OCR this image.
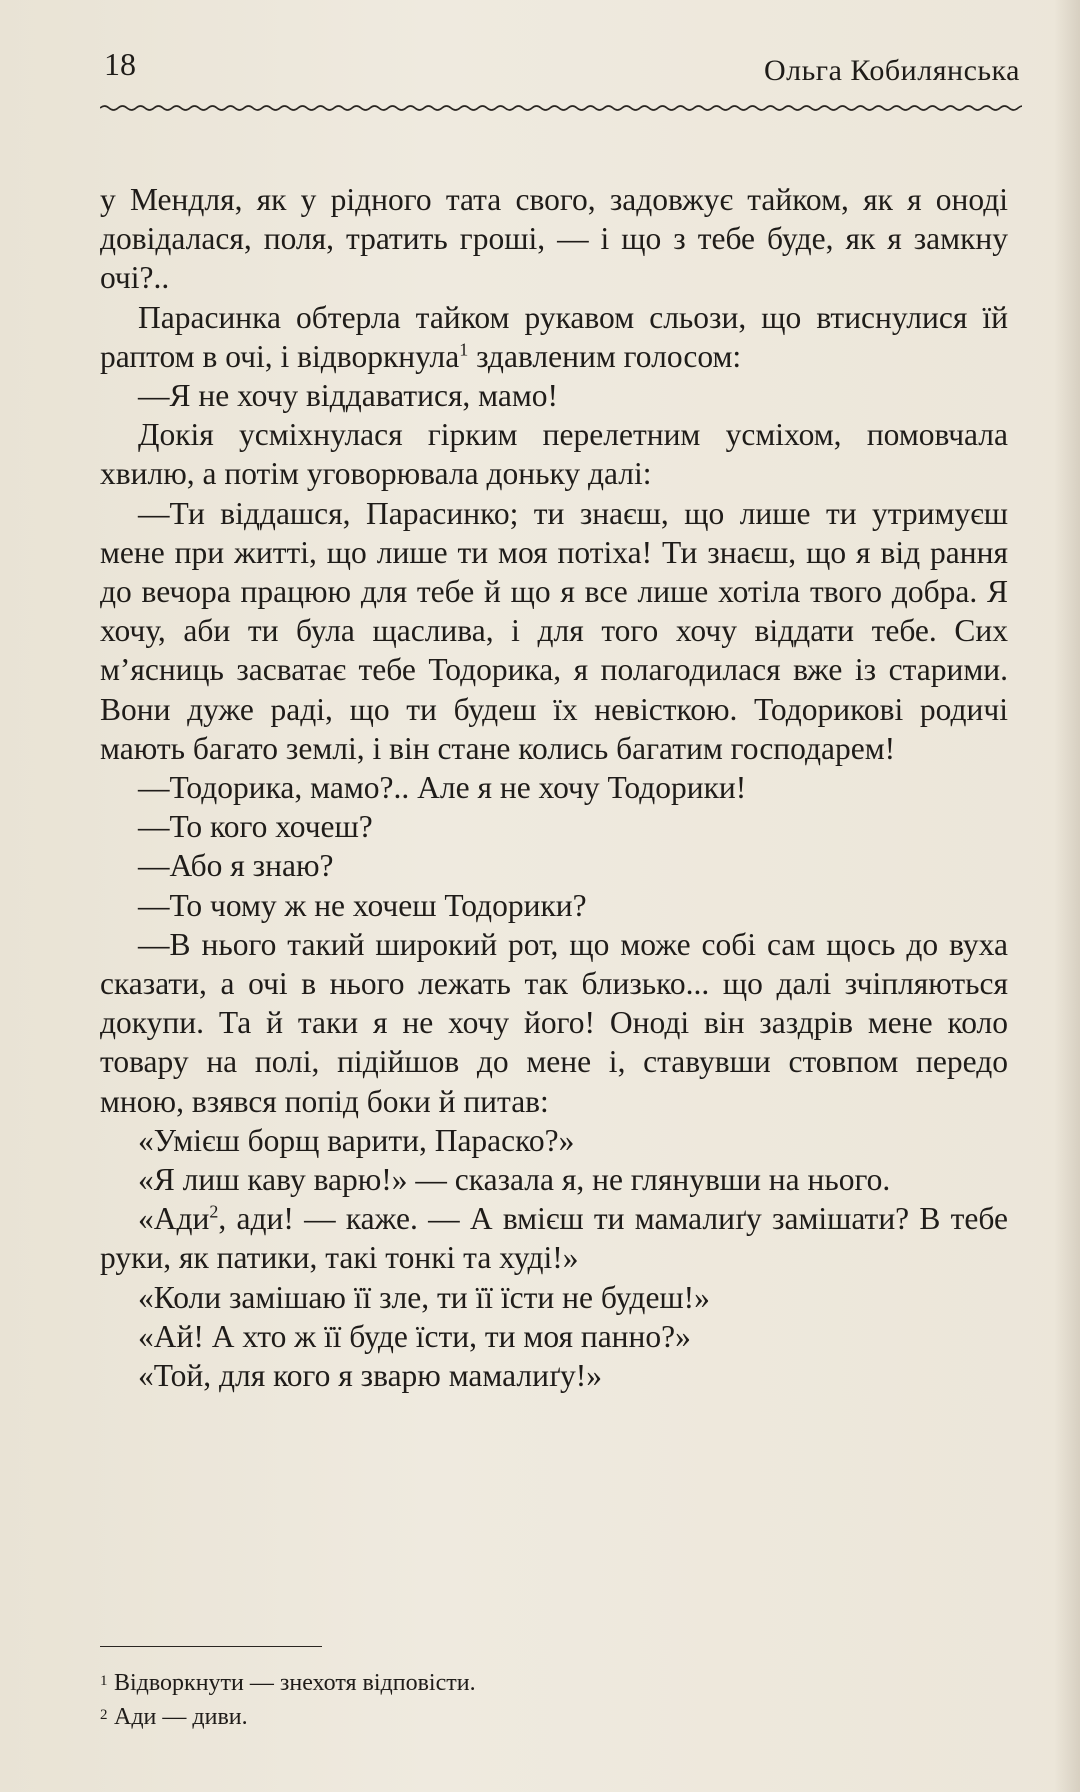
18	Ольга Кобилянська

у Мендля, як у рідного тата свого, задовжує тайком, як я оноді довідалася, поля, тратить гроші, — і що з тебе буде, як я замкну очі?..

Парасинка обтерла тайком рукавом сльози, що втиснулися їй раптом в очі, і відворкнула$^1$ здавленим голосом:

—Я не хочу віддаватися, мамо!

Докія усміхнулася гірким перелетним усміхом, помовчала хвилю, а потім уговорювала доньку далі:

—Ти віддашся, Парасинко; ти знаєш, що лише ти утримуєш мене при житті, що лише ти моя потіха! Ти знаєш, що я від рання до вечора працюю для тебе й що я все лише хотіла твого добра. Я хочу, аби ти була щаслива, і для того хочу віддати тебе. Сих м’ясниць засватає тебе Тодорика, я полагодилася вже із старими. Вони дуже раді, що ти будеш їх невісткою. Тодорикові родичі мають багато землі, і він стане колись багатим господарем!

—Тодорика, мамо?.. Але я не хочу Тодорики!

—То кого хочеш?

—Або я знаю?

—То чому ж не хочеш Тодорики?

—В нього такий широкий рот, що може собі сам щось до вуха сказати, а очі в нього лежать так близько... що далі зчіпляються докупи. Та й таки я не хочу його! Оноді він заздрів мене коло товару на полі, підійшов до мене і, ставувши стовпом передо мною, взявся попід боки й питав:

«Умієш борщ варити, Параско?»

«Я лиш каву варю!» — сказала я, не глянувши на нього.

«Ади$^2$, ади! — каже. — А вмієш ти мамалиґу замішати? В тебе руки, як патики, такі тонкі та худі!»

«Коли замішаю її зле, ти її їсти не будеш!»

«Ай! А хто ж її буде їсти, ти моя панно?»

«Той, для кого я зварю мамалиґу!»

1 Відворкнути — знехотя відповісти.
2 Ади — диви.
